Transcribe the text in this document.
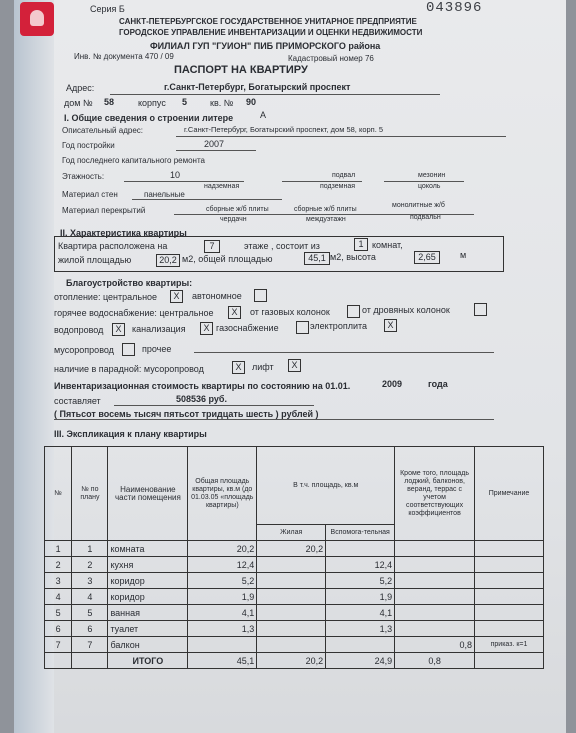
Серия Б	043896
САНКТ-ПЕТЕРБУРГСКОЕ ГОСУДАРСТВЕННОЕ УНИТАРНОЕ ПРЕДПРИЯТИЕ
ГОРОДСКОЕ УПРАВЛЕНИЕ ИНВЕНТАРИЗАЦИИ И ОЦЕНКИ НЕДВИЖИМОСТИ
ФИЛИАЛ ГУП "ГУИОН" ПИБ ПРИМОРСКОГО района
Инв. № документа 470 / 09	Кадастровый номер 76
ПАСПОРТ НА КВАРТИРУ
Адрес:	г.Санкт-Петербург, Богатырский проспект
дом № 58	корпус 5	кв. № 90
I. Общие сведения о строении литере	А
Описательный адрес:	г.Санкт-Петербург, Богатырский проспект, дом 58, корп. 5
Год постройки	2007
Год последнего капитального ремонта
Этажность:	10
надземная
подвал
подземная
мезонин
цоколь
Материал стен	панельные
Материал перекрытий	сборные ж/б плиты	сборные ж/б плиты
монолитные ж/б
чердачн	междуэтажн	подвальн
II. Характеристика квартиры
Квартира расположена на	7	этаже , состоит из	1 комнат,
жилой площадью	20,2 м2, общей площадью	45,1 м2, высота	2,65	м
Благоустройство квартиры:
отопление: центральное	X	автономное
горячее водоснабжение: центральное	X	от газовых колонок	от дровяных колонок
водопровод	X	канализация	X газоснабжение	электроплита	X
мусоропровод	прочее
наличие в парадной: мусоропровод	X	лифт	X
Инвентаризационная стоимость квартиры по состоянию на 01.01.	2009	года
составляет	508536 руб.
( Пятьсот восемь тысяч пятьсот тридцать шесть ) рублей )
III. Экспликация к плану квартиры
№	№ по плану	Наименование части помещения	Общая площадь квартиры, кв.м (до 01.03.05 «площадь квартиры)	В т.ч. площадь, кв.м		Кроме того, площадь лоджий, балконов, веранд, террас с учетом соответствующих коэффициентов	Примечание
				Жилая	Вспомога-тельная		
1	1	комната	20,2	20,2			
2	2	кухня	12,4		12,4		
3	3	коридор	5,2		5,2		
4	4	коридор	1,9		1,9		
5	5	ванная	4,1		4,1		
6	6	туалет	1,3		1,3		
7	7	балкон				0,8	приказ. к=1
		ИТОГО	45,1	20,2	24,9	0,8	
